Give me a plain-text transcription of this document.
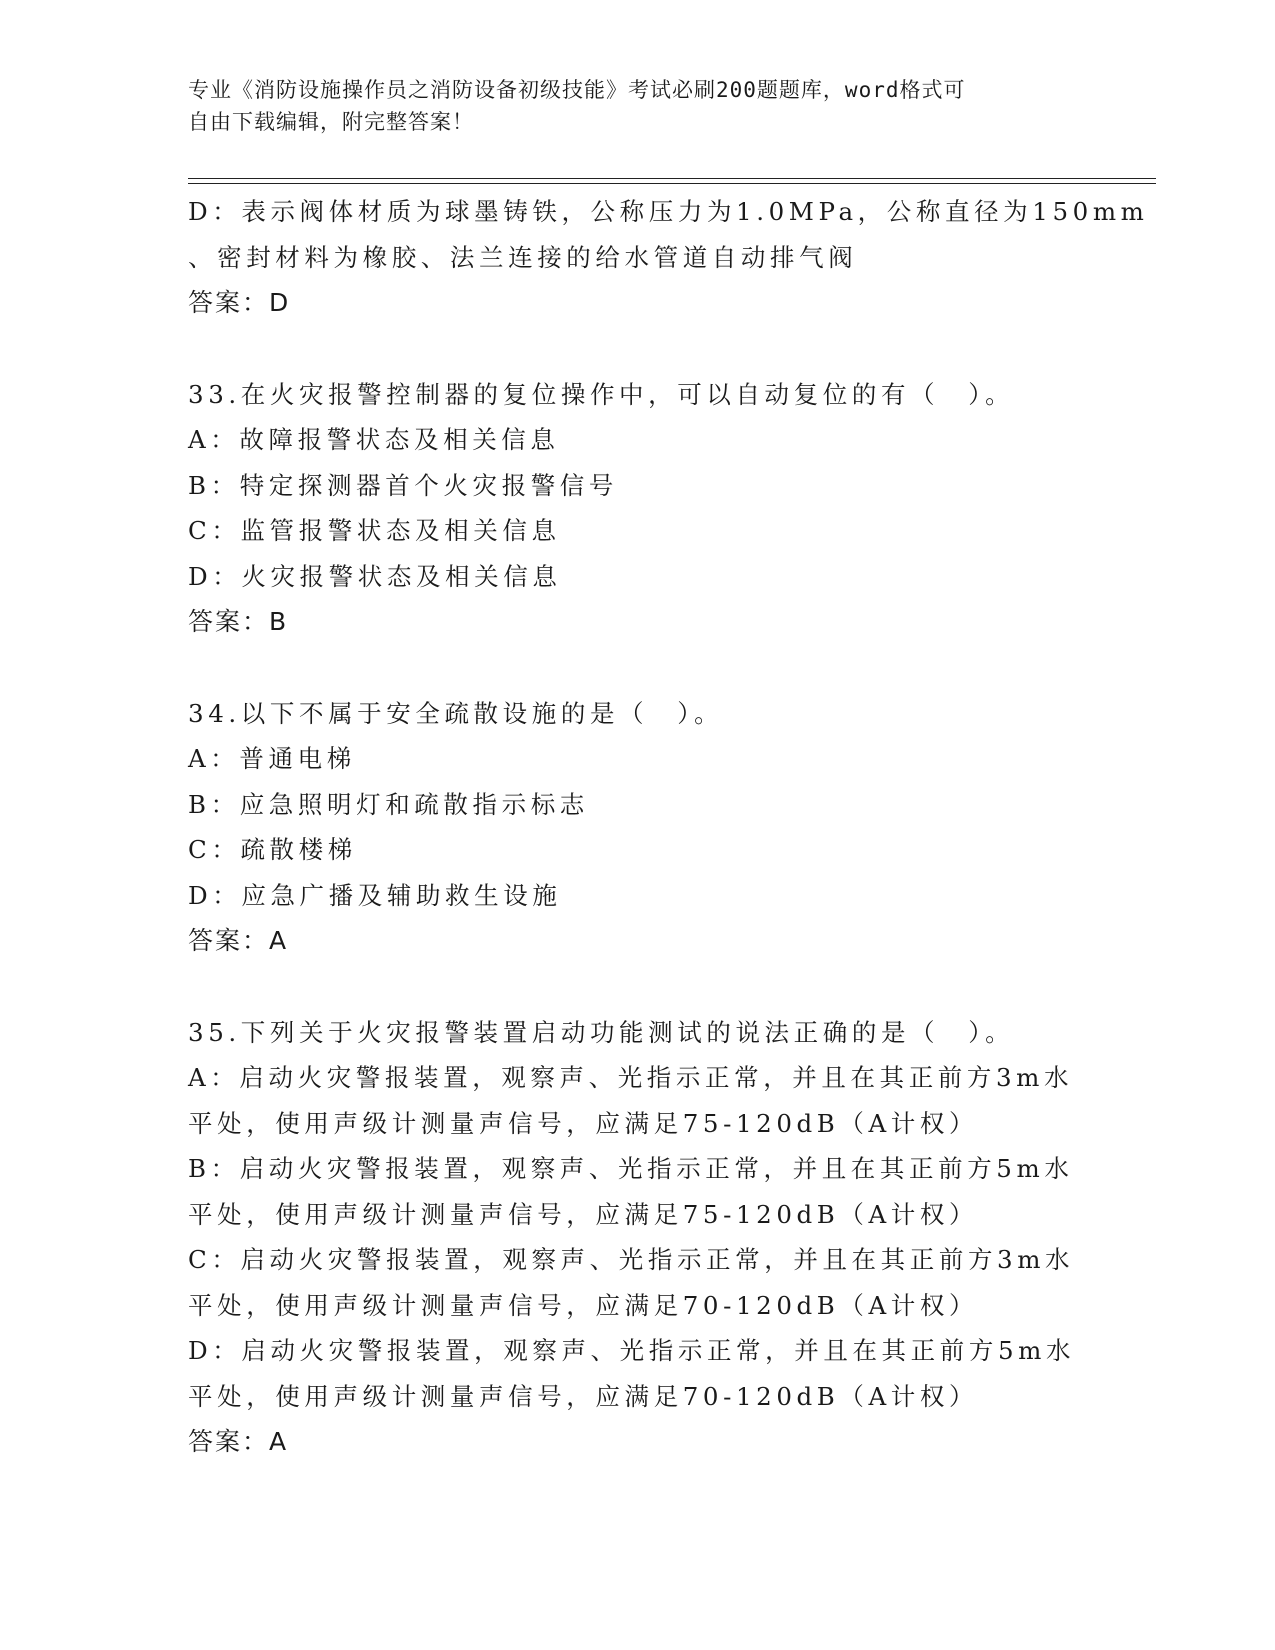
专业《消防设施操作员之消防设备初级技能》考试必刷200题题库，word格式可
自由下载编辑，附完整答案！
D：表示阀体材质为球墨铸铁，公称压力为1.0MPa，公称直径为150mm
、密封材料为橡胶、法兰连接的给水管道自动排气阀
答案：D
33.在火灾报警控制器的复位操作中，可以自动复位的有（　）。
A：故障报警状态及相关信息
B：特定探测器首个火灾报警信号
C：监管报警状态及相关信息
D：火灾报警状态及相关信息
答案：B
34.以下不属于安全疏散设施的是（　）。
A：普通电梯
B：应急照明灯和疏散指示标志
C：疏散楼梯
D：应急广播及辅助救生设施
答案：A
35.下列关于火灾报警装置启动功能测试的说法正确的是（　）。
A：启动火灾警报装置，观察声、光指示正常，并且在其正前方3m水
平处，使用声级计测量声信号，应满足75-120dB（A计权）
B：启动火灾警报装置，观察声、光指示正常，并且在其正前方5m水
平处，使用声级计测量声信号，应满足75-120dB（A计权）
C：启动火灾警报装置，观察声、光指示正常，并且在其正前方3m水
平处，使用声级计测量声信号，应满足70-120dB（A计权）
D：启动火灾警报装置，观察声、光指示正常，并且在其正前方5m水
平处，使用声级计测量声信号，应满足70-120dB（A计权）
答案：A
